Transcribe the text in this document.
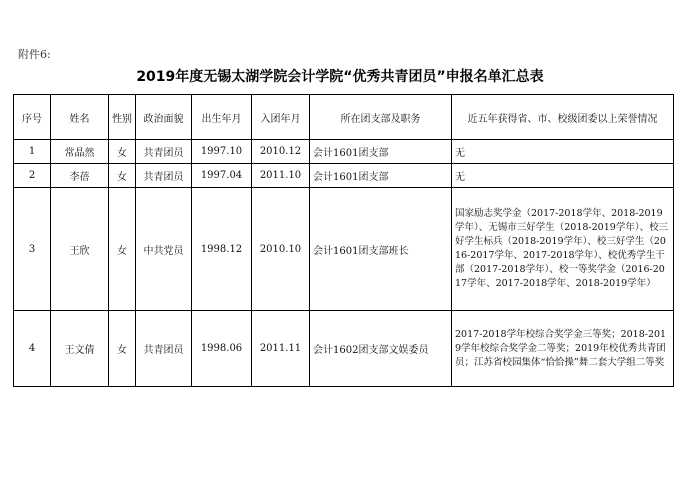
附件6:
2019年度无锡太湖学院会计学院“优秀共青团员”申报名单汇总表
序号	姓名	性别	政治面貌	出生年月	入团年月	所在团支部及职务	近五年获得省、市、校级团委以上荣誉情况
1	常晶然	女	共青团员	1997.10	2010.12	会计1601团支部	无
2	李蓓	女	共青团员	1997.04	2011.10	会计1601团支部	无
3	王欣	女	中共党员	1998.12	2010.10	会计1601团支部班长	国家励志奖学金（2017-2018学年、2018-2019学年）、无锡市三好学生（2018-2019学年）、校三好学生标兵（2018-2019学年）、校三好学生（2016-2017学年、2017-2018学年）、校优秀学生干部（2017-2018学年）、校一等奖学金（2016-2017学年、2017-2018学年、2018-2019学年）
4	王文倩	女	共青团员	1998.06	2011.11	会计1602团支部文娱委员	2017-2018学年校综合奖学金三等奖；2018-2019学年校综合奖学金二等奖；2019年校优秀共青团员；江苏省校园集体“恰恰操”舞二套大学组二等奖
